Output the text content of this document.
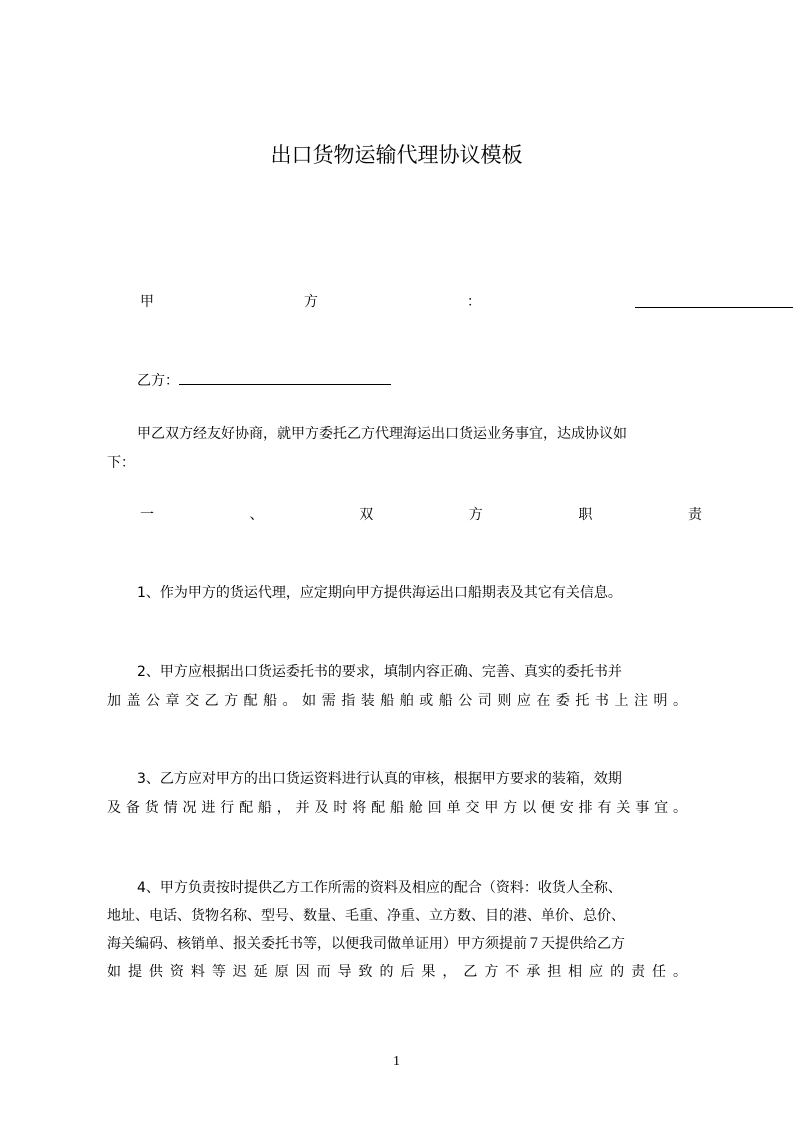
出口货物运输代理协议模板
甲	方	：
乙方：
甲乙双方经友好协商，就甲方委托乙方代理海运出口货运业务事宜，达成协议如
下：
一	、	双	方	职	责
1、作为甲方的货运代理，应定期向甲方提供海运出口船期表及其它有关信息。
2、甲方应根据出口货运委托书的要求，填制内容正确、完善、真实的委托书并
加盖公章交乙方配船。如需指装船舶或船公司则应在委托书上注明。
3、乙方应对甲方的出口货运资料进行认真的审核，根据甲方要求的装箱，效期
及备货情况进行配船，并及时将配船舱回单交甲方以便安排有关事宜。
4、甲方负责按时提供乙方工作所需的资料及相应的配合（资料：收货人全称、
地址、电话、货物名称、型号、数量、毛重、净重、立方数、目的港、单价、总价、
海关编码、核销单、报关委托书等，以便我司做单证用）甲方须提前７天提供给乙方
如提供资料等迟延原因而导致的后果，乙方不承担相应的责任。
1
